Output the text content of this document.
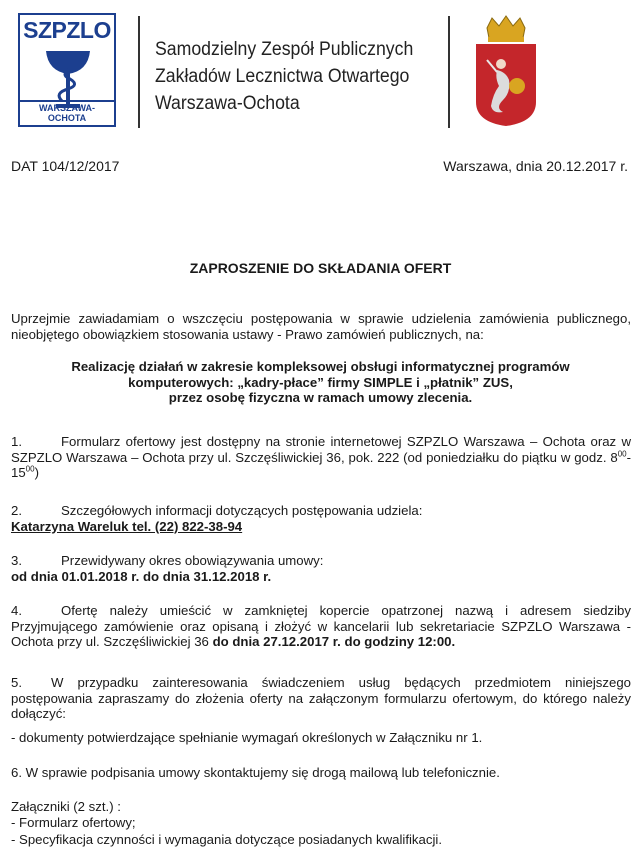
SZPZLO
WARSZAWA-OCHOTA
Samodzielny Zespół Publicznych
Zakładów Lecznictwa Otwartego
Warszawa-Ochota
DAT 104/12/2017	Warszawa, dnia 20.12.2017 r.
ZAPROSZENIE DO SKŁADANIA OFERT
Uprzejmie zawiadamiam o wszczęciu postępowania w sprawie udzielenia zamówienia publicznego, nieobjętego obowiązkiem stosowania ustawy - Prawo zamówień publicznych, na:
Realizację działań w zakresie kompleksowej obsługi informatycznej programów
komputerowych: „kadry-płace” firmy SIMPLE i „płatnik” ZUS,
przez osobę fizyczna w ramach umowy zlecenia.
1.	Formularz ofertowy jest dostępny na stronie internetowej SZPZLO Warszawa – Ochota oraz w SZPZLO Warszawa – Ochota przy ul. Szczęśliwickiej 36, pok. 222 (od poniedziałku do piątku w godz. $8^{00}-15^{00}$)
2.	Szczegółowych informacji dotyczących postępowania udziela:
Katarzyna Wareluk tel. (22) 822-38-94
3.	Przewidywany okres obowiązywania umowy:
od dnia 01.01.2018 r. do dnia 31.12.2018 r.
4.	Ofertę należy umieścić w zamkniętej kopercie opatrzonej nazwą i adresem siedziby Przyjmującego zamówienie oraz opisaną i złożyć w kancelarii lub sekretariacie SZPZLO Warszawa - Ochota przy ul. Szczęśliwickiej 36 do dnia 27.12.2017 r. do godziny 12:00.
5. W przypadku zainteresowania świadczeniem usług będących przedmiotem niniejszego postępowania zapraszamy do złożenia oferty na załączonym formularzu ofertowym, do którego należy dołączyć:
- dokumenty potwierdzające spełnianie wymagań określonych w Załączniku nr 1.
6. W sprawie podpisania umowy skontaktujemy się drogą mailową lub telefonicznie.
Załączniki (2 szt.) :
- Formularz ofertowy;
- Specyfikacja czynności i wymagania dotyczące posiadanych kwalifikacji.
